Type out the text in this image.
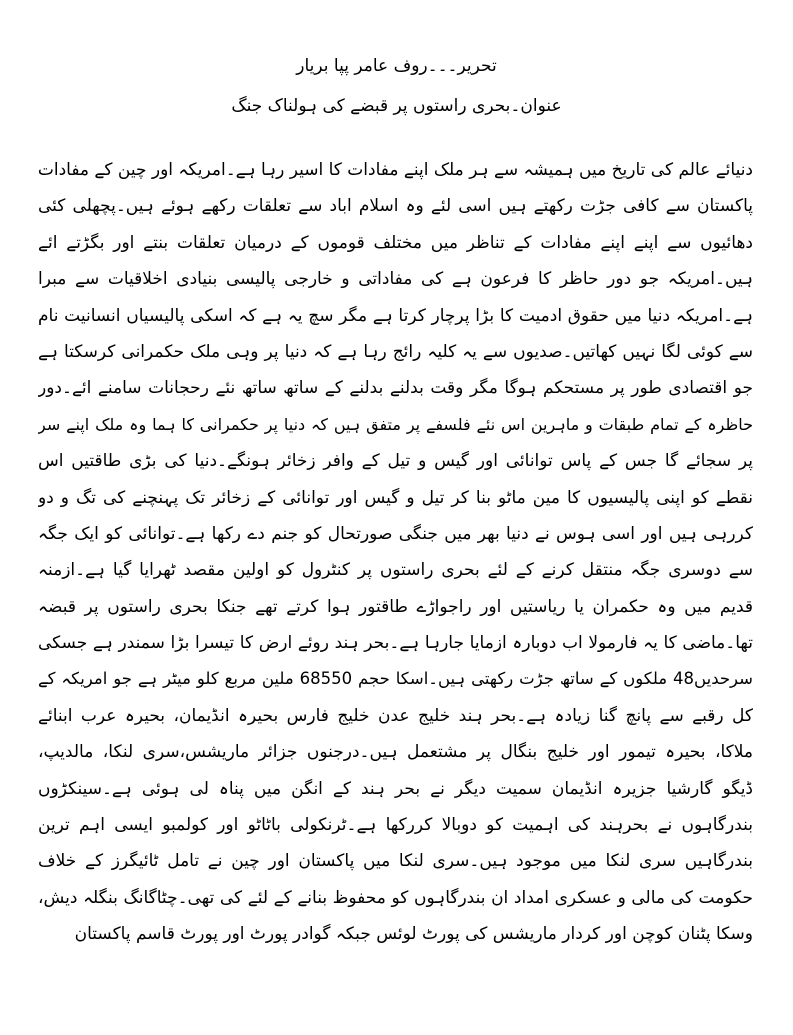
تحریر۔۔۔روف عامر پپا بریار
عنوان۔بحری راستوں پر قبضے کی ہولناک جنگ
دنیائے عالم کی تاریخ میں ہمیشہ سے ہر ملک اپنے مفادات کا اسیر رہا ہے۔امریکہ اور چین کے مفادات
پاکستان سے کافی جڑت رکھتے ہیں اسی لئے وہ اسلام اباد سے تعلقات رکھے ہوئے ہیں۔پچھلی کئی
دھائیوں سے اپنے اپنے مفادات کے تناظر میں مختلف قوموں کے درمیان تعلقات بنتے اور بگڑتے ائے
ہیں۔امریکہ جو دور حاظر کا فرعون ہے کی مفاداتی و خارجی پالیسی بنیادی اخلاقیات سے مبرا
ہے۔امریکہ دنیا میں حقوق ادمیت کا بڑا پرچار کرتا ہے مگر سچ یہ ہے کہ اسکی پالیسیاں انسانیت نام
سے کوئی لگا نہیں کھاتیں۔صدیوں سے یہ کلیہ رائج رہا ہے کہ دنیا پر وہی ملک حکمرانی کرسکتا ہے
جو اقتصادی طور پر مستحکم ہوگا مگر وقت بدلنے بدلنے کے ساتھ ساتھ نئے رحجانات سامنے ائے۔دور
حاظرہ کے تمام طبقات و ماہرین اس نئے فلسفے پر متفق ہیں کہ دنیا پر حکمرانی کا ہما وہ ملک اپنے سر
پر سجائے گا جس کے پاس توانائی اور گیس و تیل کے وافر زخائر ہونگے۔دنیا کی بڑی طاقتیں اس
نقطے کو اپنی پالیسیوں کا مین ماٹو بنا کر تیل و گیس اور توانائی کے زخائر تک پہنچنے کی تگ و دو
کررہی ہیں اور اسی ہوس نے دنیا بھر میں جنگی صورتحال کو جنم دے رکھا ہے۔توانائی کو ایک جگہ
سے دوسری جگہ منتقل کرنے کے لئے بحری راستوں پر کنٹرول کو اولین مقصد ٹھرایا گیا ہے۔ازمنہ
قدیم میں وہ حکمران یا ریاستیں اور راجواڑے طاقتور ہوا کرتے تھے جنکا بحری راستوں پر قبضہ
تھا۔ماضی کا یہ فارمولا اب دوبارہ ازمایا جارہا ہے۔بحر ہند روئے ارض کا تیسرا بڑا سمندر ہے جسکی
سرحدیں48 ملکوں کے ساتھ جڑت رکھتی ہیں۔اسکا حجم 68550 ملین مربع کلو میٹر ہے جو امریکہ کے
کل رقبے سے پانچ گنا زیادہ ہے۔بحر ہند خلیج عدن خلیج فارس بحیرہ انڈیمان، بحیرہ عرب ابنائے
ملاکا، بحیرہ تیمور اور خلیج بنگال پر مشتعمل ہیں۔درجنوں جزائر ماریشس،سری لنکا، مالدیپ،
ڈیگو گارشیا جزیرہ انڈیمان سمیت دیگر نے بحر ہند کے انگن میں پناہ لی ہوئی ہے۔سینکڑوں
بندرگاہوں نے بحرہند کی اہمیت کو دوبالا کررکھا ہے۔ٹرنکولی باٹاٹو اور کولمبو ایسی اہم ترین
بندرگاہیں سری لنکا میں موجود ہیں۔سری لنکا میں پاکستان اور چین نے تامل ٹائیگرز کے خلاف
حکومت کی مالی و عسکری امداد ان بندرگاہوں کو محفوظ بنانے کے لئے کی تھی۔چٹاگانگ بنگلہ دیش،
وسکا پٹنان کوچن اور کردار ماریشس کی پورٹ لوئس جبکہ گوادر پورٹ اور پورٹ قاسم پاکستان
